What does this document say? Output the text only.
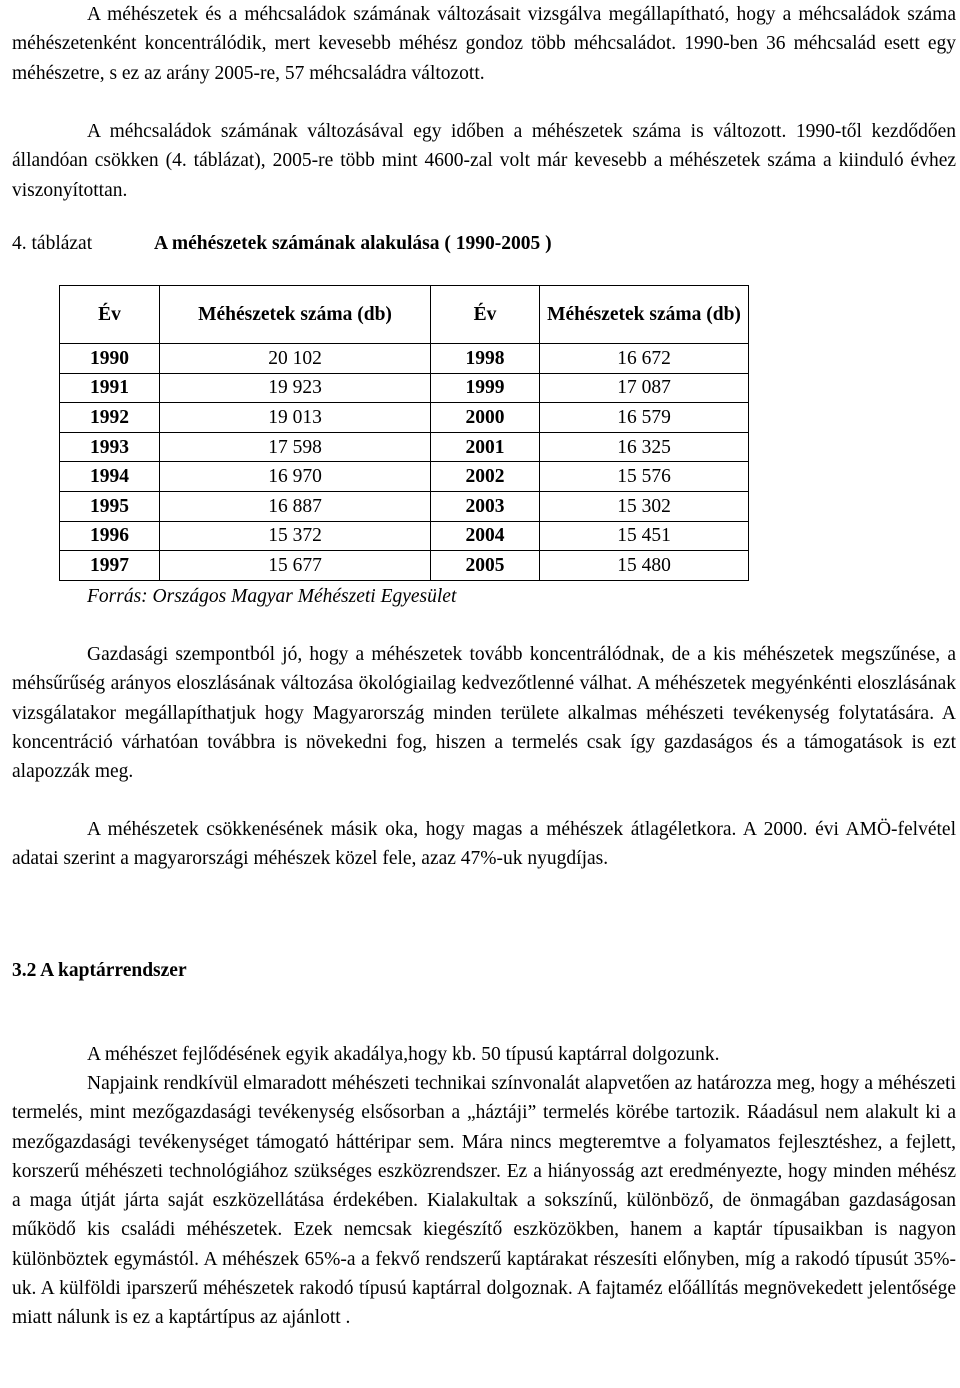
A méhészetek és a méhcsaládok számának változásait vizsgálva megállapítható, hogy a méhcsaládok száma méhészetenként koncentrálódik, mert kevesebb méhész gondoz több méhcsaládot. 1990-ben 36 méhcsalád esett egy méhészetre, s ez az arány 2005-re, 57 méhcsaládra változott.

A méhcsaládok számának változásával egy időben a méhészetek száma is változott. 1990-től kezdődően állandóan csökken (4. táblázat), 2005-re több mint 4600-zal volt már kevesebb a méhészetek száma a kiinduló évhez viszonyítottan.

4. táblázat	A méhészetek számának alakulása ( 1990-2005 )
Év	Méhészetek száma (db)	Év	Méhészetek száma (db)
1990	20 102	1998	16 672
1991	19 923	1999	17 087
1992	19 013	2000	16 579
1993	17 598	2001	16 325
1994	16 970	2002	15 576
1995	16 887	2003	15 302
1996	15 372	2004	15 451
1997	15 677	2005	15 480
Forrás: Országos Magyar Méhészeti Egyesület

Gazdasági szempontból jó, hogy a méhészetek tovább koncentrálódnak, de a kis méhészetek megszűnése, a méhsűrűség arányos eloszlásának változása ökológiailag kedvezőtlenné válhat. A méhészetek megyénkénti eloszlásának vizsgálatakor megállapíthatjuk hogy Magyarország minden területe alkalmas méhészeti tevékenység folytatására. A koncentráció várhatóan továbbra is növekedni fog, hiszen a termelés csak így gazdaságos és a támogatások is ezt alapozzák meg.

A méhészetek csökkenésének másik oka, hogy magas a méhészek átlagéletkora. A 2000. évi AMÖ-felvétel adatai szerint a magyarországi méhészek közel fele, azaz 47%-uk nyugdíjas.

3.2 A kaptárrendszer

A méhészet fejlődésének egyik akadálya,hogy kb. 50 típusú kaptárral dolgozunk.

Napjaink rendkívül elmaradott méhészeti technikai színvonalát alapvetően az határozza meg, hogy a méhészeti termelés, mint mezőgazdasági tevékenység elsősorban a „háztáji” termelés körébe tartozik. Ráadásul nem alakult ki a mezőgazdasági tevékenységet támogató háttéripar sem. Mára nincs megteremtve a folyamatos fejlesztéshez, a fejlett, korszerű méhészeti technológiához szükséges eszközrendszer. Ez a hiányosság azt eredményezte, hogy minden méhész a maga útját járta saját eszközellátása érdekében. Kialakultak a sokszínű, különböző, de önmagában gazdaságosan működő kis családi méhészetek. Ezek nemcsak kiegészítő eszközökben, hanem a kaptár típusaikban is nagyon különböztek egymástól. A méhészek 65%-a a fekvő rendszerű kaptárakat részesíti előnyben, míg a rakodó típusút 35%-uk. A külföldi iparszerű méhészetek rakodó típusú kaptárral dolgoznak. A fajtaméz előállítás megnövekedett jelentősége miatt nálunk is ez a kaptártípus az ajánlott .
